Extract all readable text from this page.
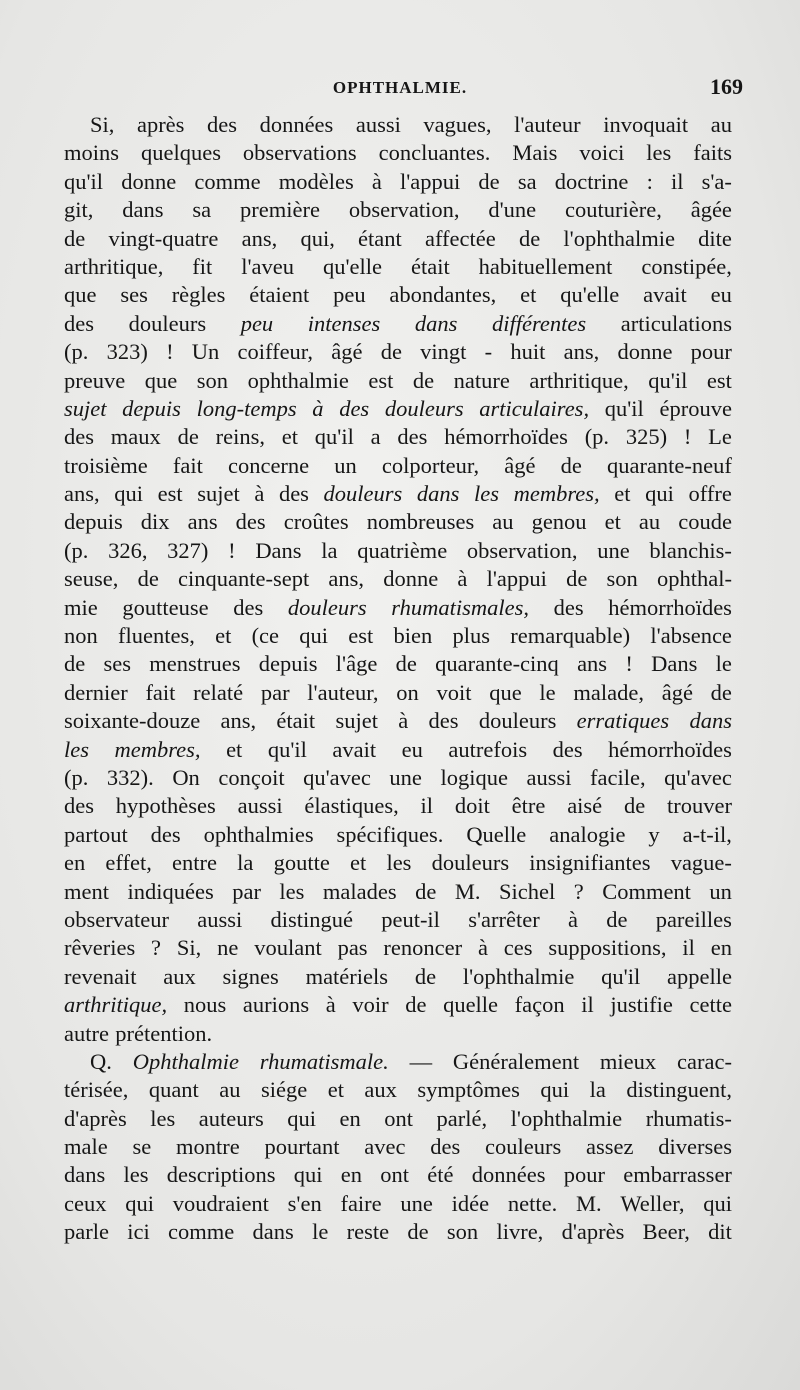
OPHTHALMIE.	169
Si, après des données aussi vagues, l'auteur invoquait au
moins quelques observations concluantes. Mais voici les faits
qu'il donne comme modèles à l'appui de sa doctrine : il s'a-
git, dans sa première observation, d'une couturière, âgée
de vingt-quatre ans, qui, étant affectée de l'ophthalmie dite
arthritique, fit l'aveu qu'elle était habituellement constipée,
que ses règles étaient peu abondantes, et qu'elle avait eu
des douleurs peu intenses dans différentes articulations
(p. 323) ! Un coiffeur, âgé de vingt - huit ans, donne pour
preuve que son ophthalmie est de nature arthritique, qu'il est
sujet depuis long-temps à des douleurs articulaires, qu'il éprouve
des maux de reins, et qu'il a des hémorrhoïdes (p. 325) ! Le
troisième fait concerne un colporteur, âgé de quarante-neuf
ans, qui est sujet à des douleurs dans les membres, et qui offre
depuis dix ans des croûtes nombreuses au genou et au coude
(p. 326, 327) ! Dans la quatrième observation, une blanchis-
seuse, de cinquante-sept ans, donne à l'appui de son ophthal-
mie goutteuse des douleurs rhumatismales, des hémorrhoïdes
non fluentes, et (ce qui est bien plus remarquable) l'absence
de ses menstrues depuis l'âge de quarante-cinq ans ! Dans le
dernier fait relaté par l'auteur, on voit que le malade, âgé de
soixante-douze ans, était sujet à des douleurs erratiques dans
les membres, et qu'il avait eu autrefois des hémorrhoïdes
(p. 332). On conçoit qu'avec une logique aussi facile, qu'avec
des hypothèses aussi élastiques, il doit être aisé de trouver
partout des ophthalmies spécifiques. Quelle analogie y a-t-il,
en effet, entre la goutte et les douleurs insignifiantes vague-
ment indiquées par les malades de M. Sichel ? Comment un
observateur aussi distingué peut-il s'arrêter à de pareilles
rêveries ? Si, ne voulant pas renoncer à ces suppositions, il en
revenait aux signes matériels de l'ophthalmie qu'il appelle
arthritique, nous aurions à voir de quelle façon il justifie cette
autre prétention.
Q. Ophthalmie rhumatismale. — Généralement mieux carac-
térisée, quant au siége et aux symptômes qui la distinguent,
d'après les auteurs qui en ont parlé, l'ophthalmie rhumatis-
male se montre pourtant avec des couleurs assez diverses
dans les descriptions qui en ont été données pour embarrasser
ceux qui voudraient s'en faire une idée nette. M. Weller, qui
parle ici comme dans le reste de son livre, d'après Beer, dit
